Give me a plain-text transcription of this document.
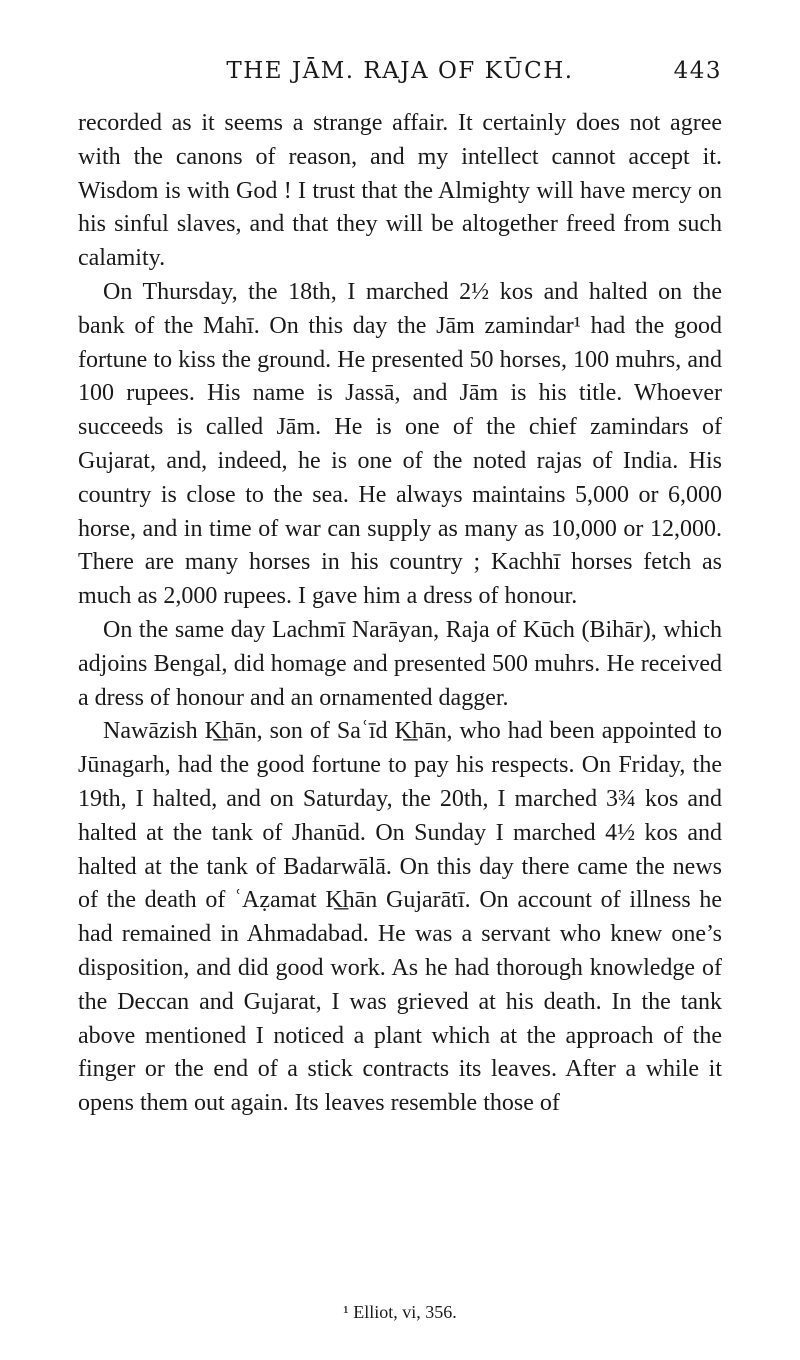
THE JĀM. RAJA OF KŪCH.	443

recorded as it seems a strange affair. It certainly does not agree with the canons of reason, and my intellect cannot accept it. Wisdom is with God ! I trust that the Almighty will have mercy on his sinful slaves, and that they will be altogether freed from such calamity.

On Thursday, the 18th, I marched 2½ kos and halted on the bank of the Mahī. On this day the Jām zamindar¹ had the good fortune to kiss the ground. He presented 50 horses, 100 muhrs, and 100 rupees. His name is Jassā, and Jām is his title. Whoever succeeds is called Jām. He is one of the chief zamindars of Gujarat, and, indeed, he is one of the noted rajas of India. His country is close to the sea. He always maintains 5,000 or 6,000 horse, and in time of war can supply as many as 10,000 or 12,000. There are many horses in his country ; Kachhī horses fetch as much as 2,000 rupees. I gave him a dress of honour.

On the same day Lachmī Narāyan, Raja of Kūch (Bihār), which adjoins Bengal, did homage and presented 500 muhrs. He received a dress of honour and an ornamented dagger.

Nawāzish K͟hān, son of Saʿīd K͟hān, who had been appointed to Jūnagarh, had the good fortune to pay his respects. On Friday, the 19th, I halted, and on Saturday, the 20th, I marched 3¾ kos and halted at the tank of Jhanūd. On Sunday I marched 4½ kos and halted at the tank of Badarwālā. On this day there came the news of the death of ʿAẓamat K͟hān Gujarātī. On account of illness he had remained in Ahmadabad. He was a servant who knew one’s disposition, and did good work. As he had thorough knowledge of the Deccan and Gujarat, I was grieved at his death. In the tank above mentioned I noticed a plant which at the approach of the finger or the end of a stick contracts its leaves. After a while it opens them out again. Its leaves resemble those of

¹ Elliot, vi, 356.
